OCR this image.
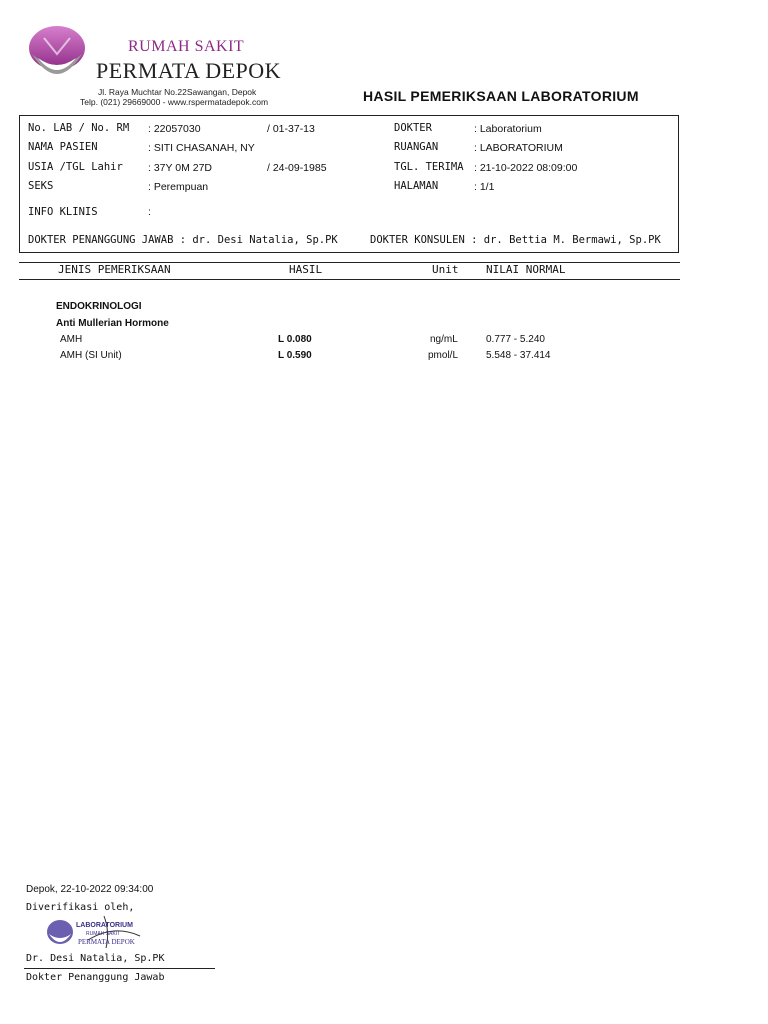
RUMAH SAKIT
PERMATA DEPOK
Jl. Raya Muchtar No.22Sawangan, Depok
Telp. (021) 29669000 - www.rspermatadepok.com	HASIL PEMERIKSAAN LABORATORIUM
No. LAB / No. RM : 22057030	/ 01-37-13
NAMA PASIEN	: SITI CHASANAH, NY
USIA /TGL Lahir : 37Y 0M 27D	/ 24-09-1985
SEKS	: Perempuan
INFO KLINIS	:
DOKTER	: Laboratorium
RUANGAN	: LABORATORIUM
TGL. TERIMA : 21-10-2022 08:09:00
HALAMAN	: 1/1
DOKTER PENANGGUNG JAWAB : dr. Desi Natalia, Sp.PK	DOKTER KONSULEN : dr. Bettia M. Bermawi, Sp.PK
JENIS PEMERIKSAAN	HASIL	Unit	NILAI NORMAL
ENDOKRINOLOGI
Anti Mullerian Hormone
AMH	L 0.080	ng/mL	0.777 - 5.240
AMH (SI Unit)	L 0.590	pmol/L	5.548 - 37.414
Depok, 22-10-2022 09:34:00
Diverifikasi oleh,
LABORATORIUM
RUMAH SAKIT
PERMATA DEPOK
Dr. Desi Natalia, Sp.PK
Dokter Penanggung Jawab
